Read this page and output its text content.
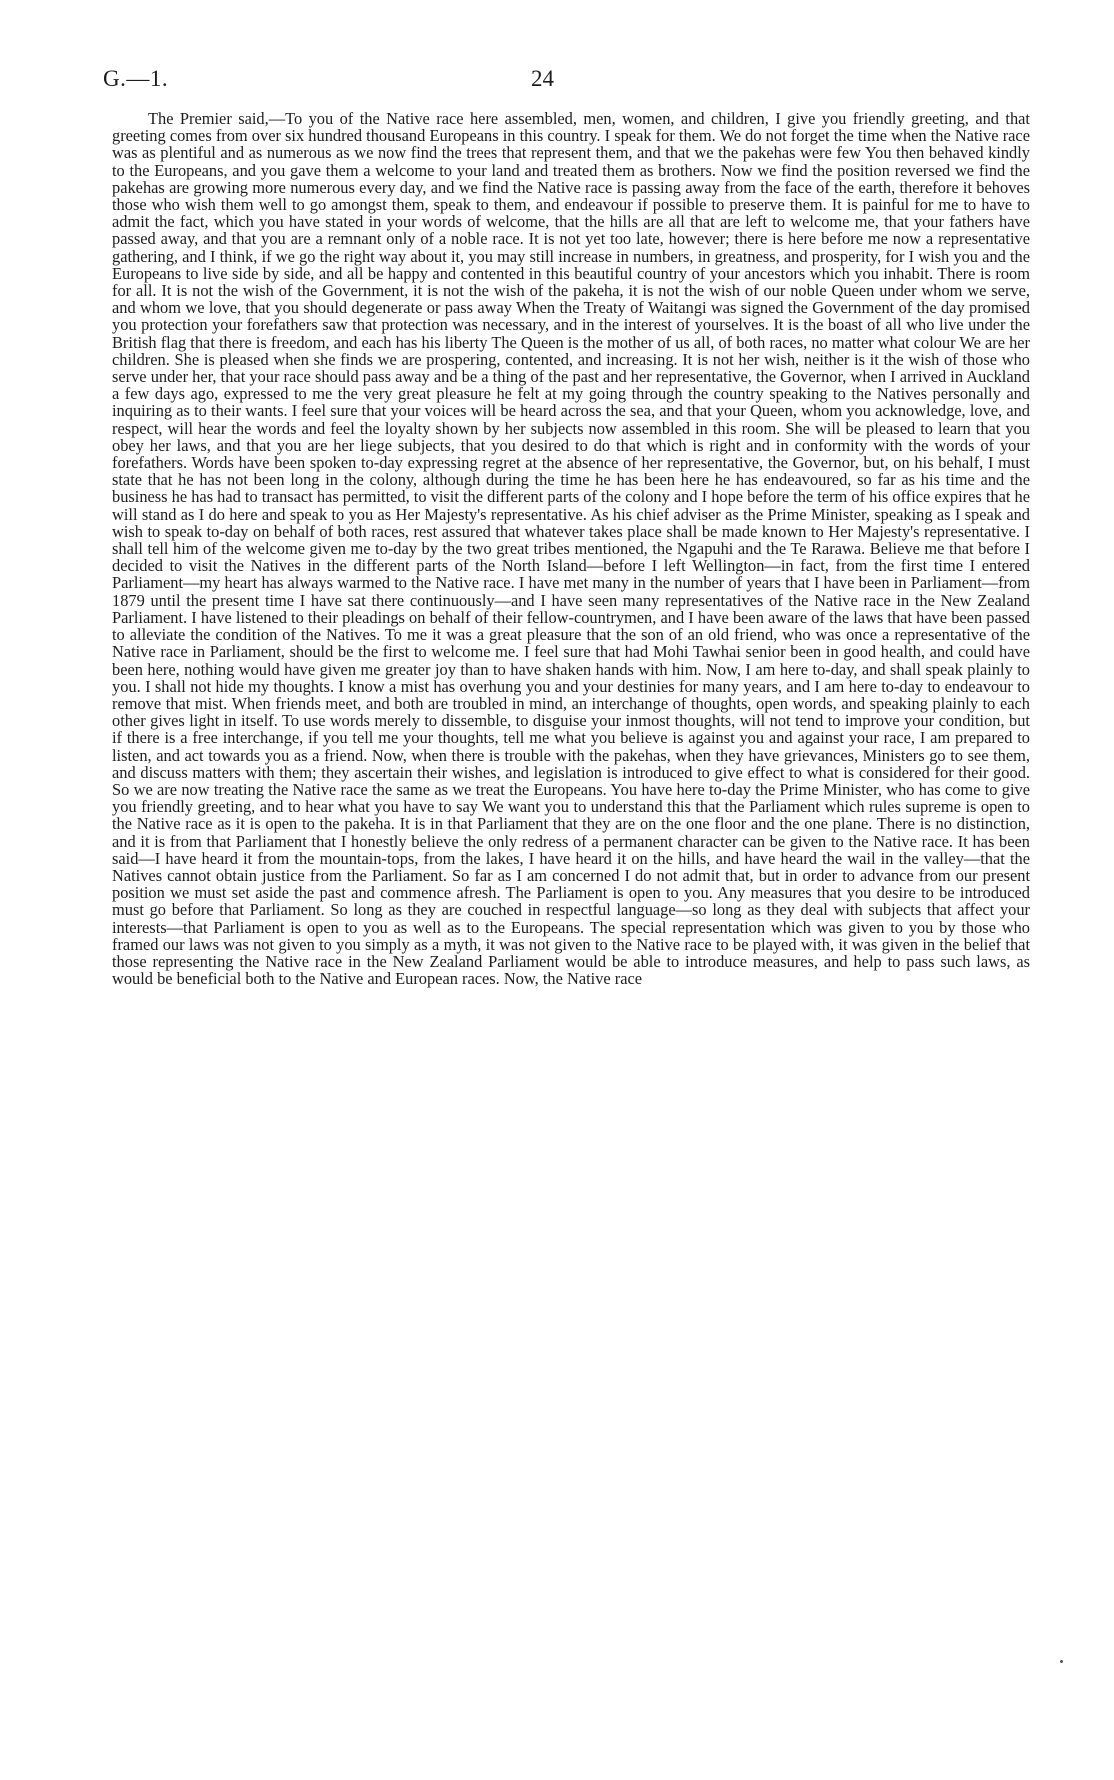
G.—1.	24

The Premier said,—To you of the Native race here assembled, men, women, and children, I give you friendly greeting, and that greeting comes from over six hundred thousand Europeans in this country. I speak for them. We do not forget the time when the Native race was as plentiful and as numerous as we now find the trees that represent them, and that we the pakehas were few You then behaved kindly to the Europeans, and you gave them a welcome to your land and treated them as brothers. Now we find the position reversed we find the pakehas are growing more numerous every day, and we find the Native race is passing away from the face of the earth, therefore it behoves those who wish them well to go amongst them, speak to them, and endeavour if possible to preserve them. It is painful for me to have to admit the fact, which you have stated in your words of welcome, that the hills are all that are left to welcome me, that your fathers have passed away, and that you are a remnant only of a noble race. It is not yet too late, however; there is here before me now a representative gathering, and I think, if we go the right way about it, you may still increase in numbers, in greatness, and prosperity, for I wish you and the Europeans to live side by side, and all be happy and contented in this beautiful country of your ancestors which you inhabit. There is room for all. It is not the wish of the Government, it is not the wish of the pakeha, it is not the wish of our noble Queen under whom we serve, and whom we love, that you should degenerate or pass away When the Treaty of Waitangi was signed the Government of the day promised you protection your forefathers saw that protection was necessary, and in the interest of yourselves. It is the boast of all who live under the British flag that there is freedom, and each has his liberty The Queen is the mother of us all, of both races, no matter what colour We are her children. She is pleased when she finds we are prospering, contented, and increasing. It is not her wish, neither is it the wish of those who serve under her, that your race should pass away and be a thing of the past and her representative, the Governor, when I arrived in Auckland a few days ago, expressed to me the very great pleasure he felt at my going through the country speaking to the Natives personally and inquiring as to their wants. I feel sure that your voices will be heard across the sea, and that your Queen, whom you acknowledge, love, and respect, will hear the words and feel the loyalty shown by her subjects now assembled in this room. She will be pleased to learn that you obey her laws, and that you are her liege subjects, that you desired to do that which is right and in conformity with the words of your forefathers. Words have been spoken to-day expressing regret at the absence of her representative, the Governor, but, on his behalf, I must state that he has not been long in the colony, although during the time he has been here he has endeavoured, so far as his time and the business he has had to transact has permitted, to visit the different parts of the colony and I hope before the term of his office expires that he will stand as I do here and speak to you as Her Majesty's representative. As his chief adviser as the Prime Minister, speaking as I speak and wish to speak to-day on behalf of both races, rest assured that whatever takes place shall be made known to Her Majesty's representative. I shall tell him of the welcome given me to-day by the two great tribes mentioned, the Ngapuhi and the Te Rarawa. Believe me that before I decided to visit the Natives in the different parts of the North Island—before I left Wellington—in fact, from the first time I entered Parliament—my heart has always warmed to the Native race. I have met many in the number of years that I have been in Parliament—from 1879 until the present time I have sat there continuously—and I have seen many representatives of the Native race in the New Zealand Parliament. I have listened to their pleadings on behalf of their fellow-countrymen, and I have been aware of the laws that have been passed to alleviate the condition of the Natives. To me it was a great pleasure that the son of an old friend, who was once a representative of the Native race in Parliament, should be the first to welcome me. I feel sure that had Mohi Tawhai senior been in good health, and could have been here, nothing would have given me greater joy than to have shaken hands with him. Now, I am here to-day, and shall speak plainly to you. I shall not hide my thoughts. I know a mist has overhung you and your destinies for many years, and I am here to-day to endeavour to remove that mist. When friends meet, and both are troubled in mind, an interchange of thoughts, open words, and speaking plainly to each other gives light in itself. To use words merely to dissemble, to disguise your inmost thoughts, will not tend to improve your condition, but if there is a free interchange, if you tell me your thoughts, tell me what you believe is against you and against your race, I am prepared to listen, and act towards you as a friend. Now, when there is trouble with the pakehas, when they have grievances, Ministers go to see them, and discuss matters with them; they ascertain their wishes, and legislation is introduced to give effect to what is considered for their good. So we are now treating the Native race the same as we treat the Europeans. You have here to-day the Prime Minister, who has come to give you friendly greeting, and to hear what you have to say We want you to understand this that the Parliament which rules supreme is open to the Native race as it is open to the pakeha. It is in that Parliament that they are on the one floor and the one plane. There is no distinction, and it is from that Parliament that I honestly believe the only redress of a permanent character can be given to the Native race. It has been said—I have heard it from the mountain-tops, from the lakes, I have heard it on the hills, and have heard the wail in the valley—that the Natives cannot obtain justice from the Parliament. So far as I am concerned I do not admit that, but in order to advance from our present position we must set aside the past and commence afresh. The Parliament is open to you. Any measures that you desire to be introduced must go before that Parliament. So long as they are couched in respectful language—so long as they deal with subjects that affect your interests—that Parliament is open to you as well as to the Europeans. The special representation which was given to you by those who framed our laws was not given to you simply as a myth, it was not given to the Native race to be played with, it was given in the belief that those representing the Native race in the New Zealand Parliament would be able to introduce measures, and help to pass such laws, as would be beneficial both to the Native and European races. Now, the Native race
